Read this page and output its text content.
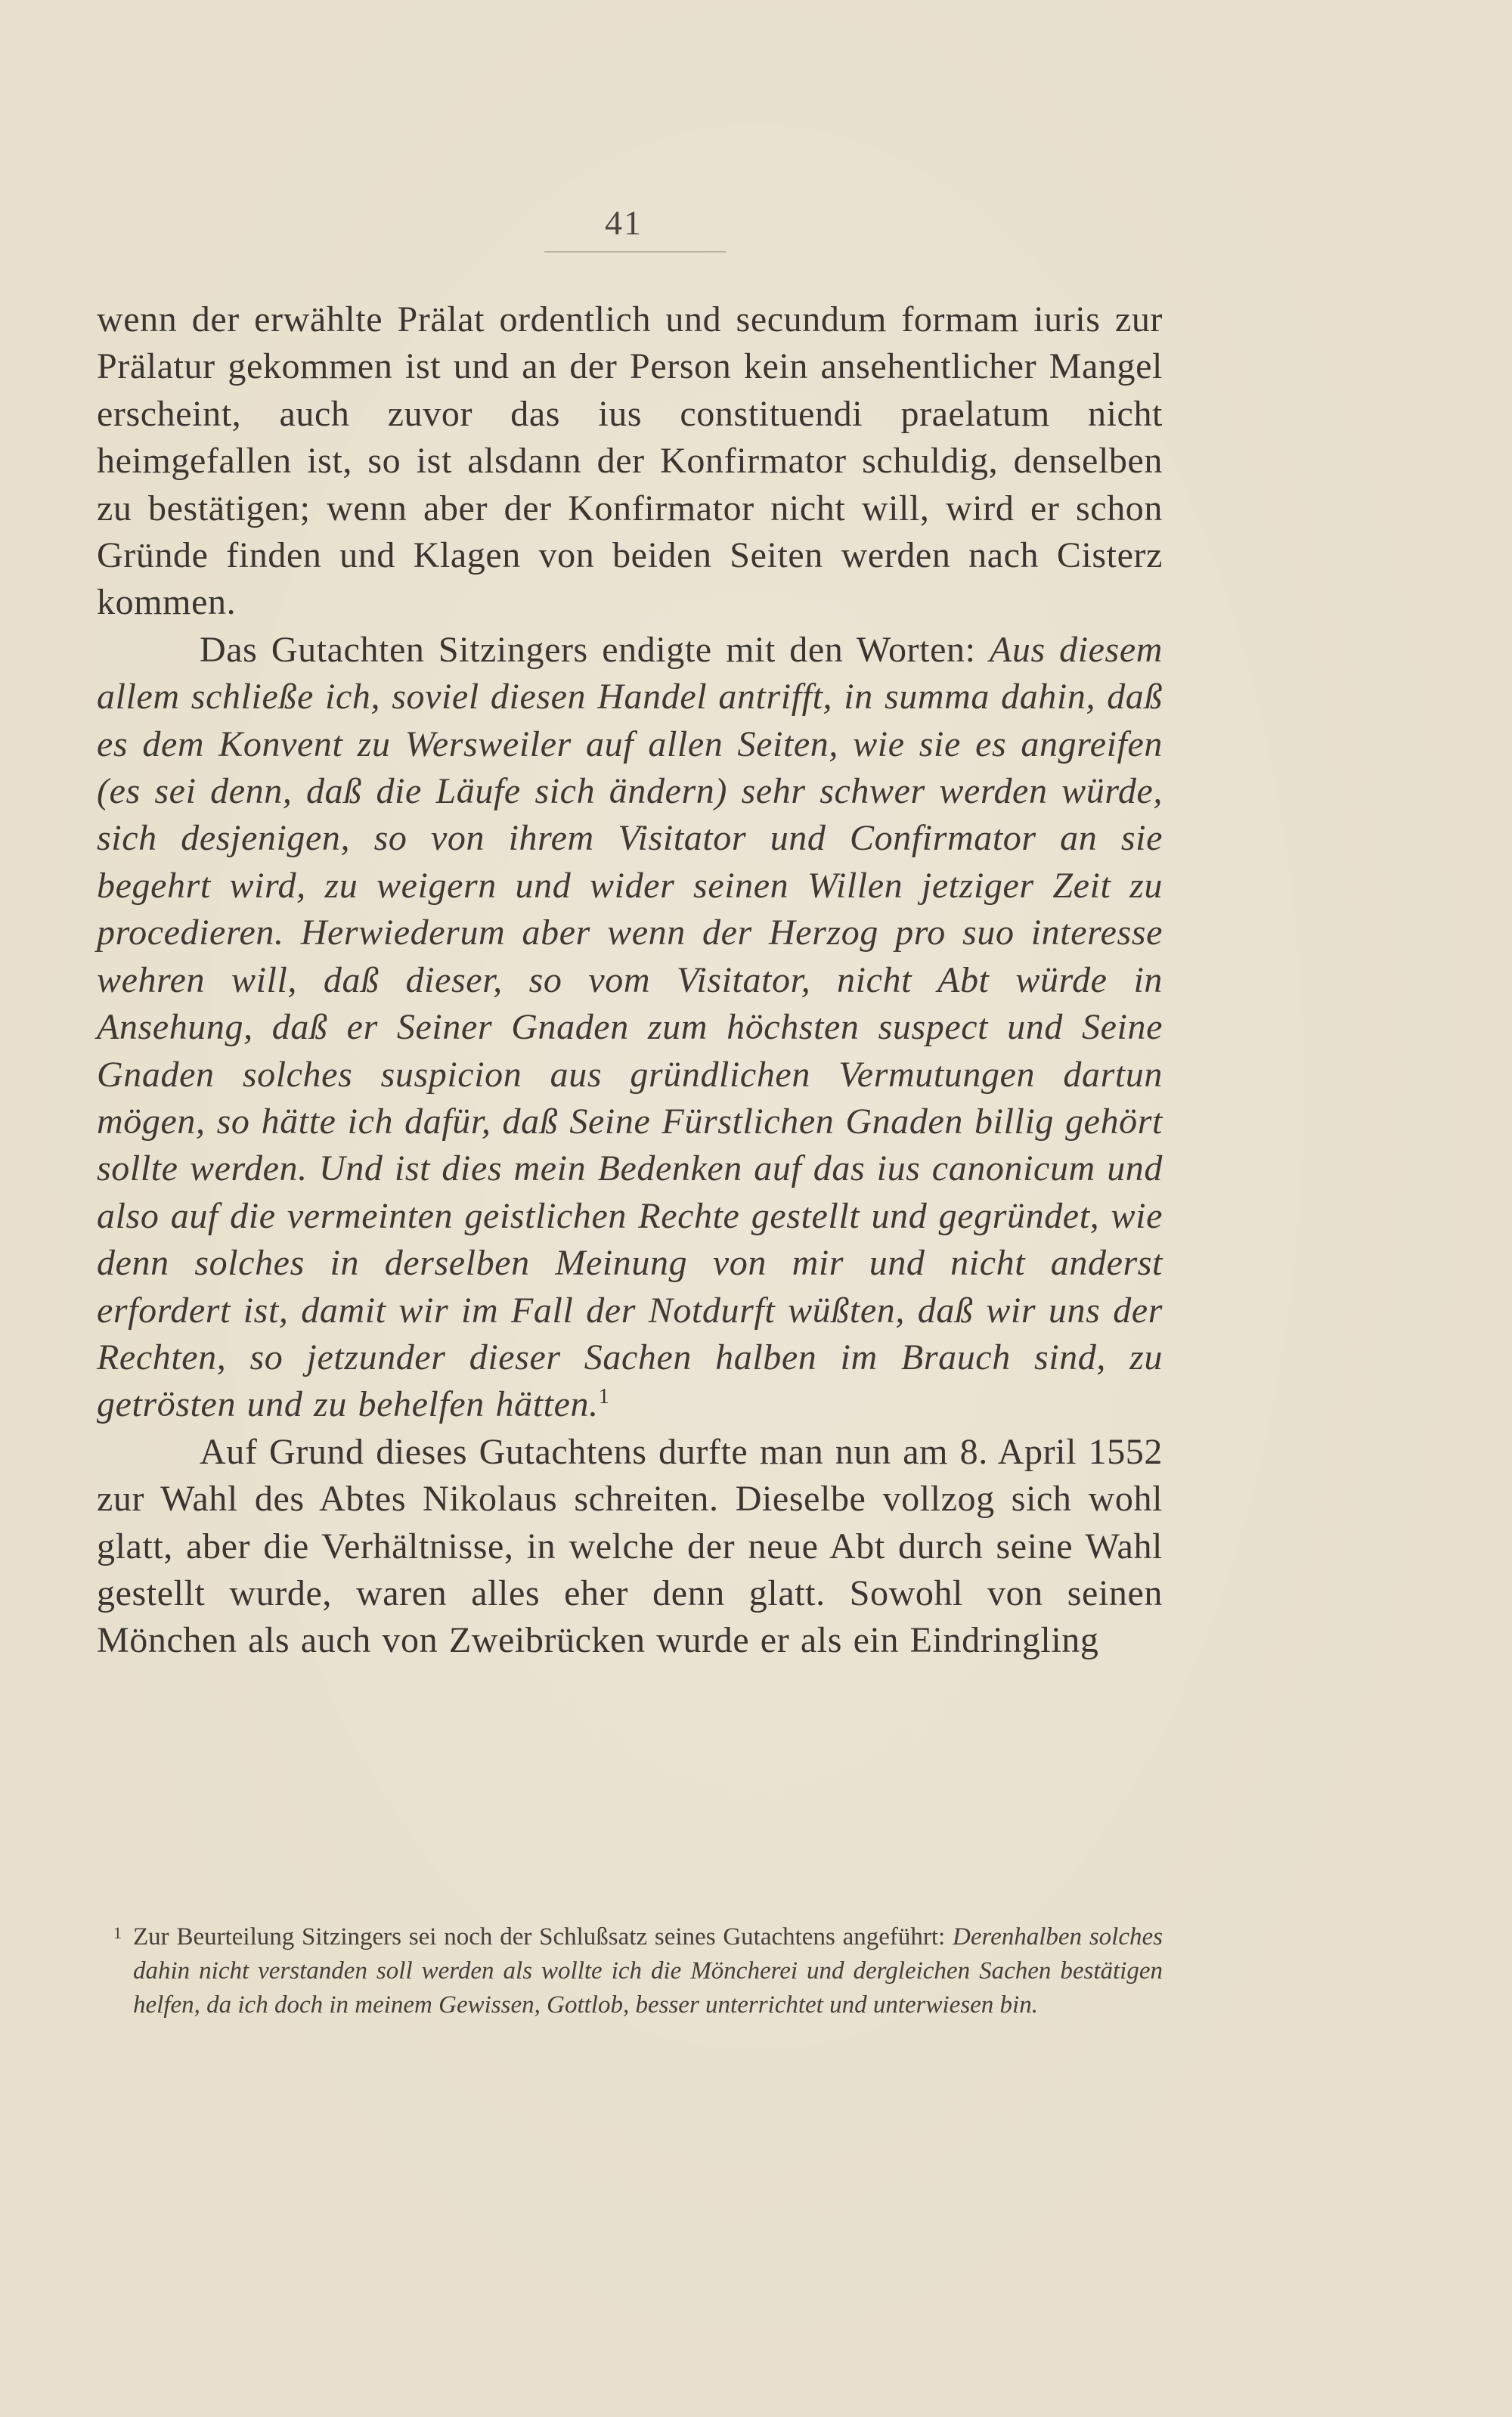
41

wenn der erwählte Prälat ordentlich und secundum formam iuris zur Prälatur gekommen ist und an der Person kein ansehentlicher Mangel erscheint, auch zuvor das ius constituendi praelatum nicht heimgefallen ist, so ist alsdann der Konfirmator schuldig, denselben zu bestätigen; wenn aber der Konfirmator nicht will, wird er schon Gründe finden und Klagen von beiden Seiten werden nach Cisterz kommen.

Das Gutachten Sitzingers endigte mit den Worten: Aus diesem allem schließe ich, soviel diesen Handel antrifft, in summa dahin, daß es dem Konvent zu Wersweiler auf allen Seiten, wie sie es angreifen (es sei denn, daß die Läufe sich ändern) sehr schwer werden würde, sich desjenigen, so von ihrem Visitator und Confirmator an sie begehrt wird, zu weigern und wider seinen Willen jetziger Zeit zu procedieren. Herwiederum aber wenn der Herzog pro suo interesse wehren will, daß dieser, so vom Visitator, nicht Abt würde in Ansehung, daß er Seiner Gnaden zum höchsten suspect und Seine Gnaden solches suspicion aus gründlichen Vermutungen dartun mögen, so hätte ich dafür, daß Seine Fürstlichen Gnaden billig gehört sollte werden. Und ist dies mein Bedenken auf das ius canonicum und also auf die vermeinten geistlichen Rechte gestellt und gegründet, wie denn solches in derselben Meinung von mir und nicht anderst erfordert ist, damit wir im Fall der Notdurft wüßten, daß wir uns der Rechten, so jetzunder dieser Sachen halben im Brauch sind, zu getrösten und zu behelfen hätten.$^1$

Auf Grund dieses Gutachtens durfte man nun am 8. April 1552 zur Wahl des Abtes Nikolaus schreiten. Dieselbe vollzog sich wohl glatt, aber die Verhältnisse, in welche der neue Abt durch seine Wahl gestellt wurde, waren alles eher denn glatt. Sowohl von seinen Mönchen als auch von Zweibrücken wurde er als ein Eindringling

1 Zur Beurteilung Sitzingers sei noch der Schlußsatz seines Gutachtens angeführt: Derenhalben solches dahin nicht verstanden soll werden als wollte ich die Möncherei und dergleichen Sachen bestätigen helfen, da ich doch in meinem Gewissen, Gottlob, besser unterrichtet und unterwiesen bin.
